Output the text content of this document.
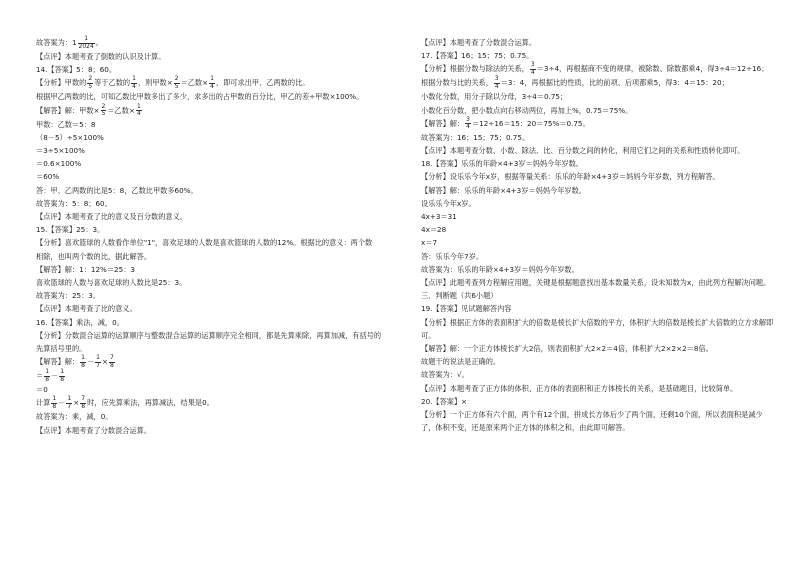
故答案为：$1 \frac{1}{2024}$ 。
【点评】本题考查了倒数的认识及计算。
14.【答案】5：8；60。
【分析】甲数的 $\frac{2}{5}$ 等于乙数的 $\frac{1}{4}$ ，则甲数× $\frac{2}{5}$ ＝乙数× $\frac{1}{4}$ ，即可求出甲、乙两数的比。
根据甲乙两数的比，可知乙数比甲数多出了多少，求多出的占甲数的百分比，甲乙的差÷甲数×100%。
【解答】解：甲数× $\frac{2}{5}$ ＝乙数× $\frac{1}{4}$
甲数：乙数＝5：8
（8－5）÷5×100%
＝3÷5×100%
＝0.6×100%
＝60%
答：甲、乙两数的比是5：8，乙数比甲数多60%。
故答案为：5：8；60。
【点评】本题考查了比的意义及百分数的意义。
15.【答案】25：3。
【分析】喜欢篮球的人数看作单位"1"，喜欢足球的人数是喜欢篮球的人数的12%。根据比的意义：两个数
相除，也叫两个数的比，据此解答。
【解答】解：1：12%＝25：3
喜欢篮球的人数与喜欢足球的人数比是25：3。
故答案为：25：3。
【点评】本题考查了比的意义。
16.【答案】乘法，减，0。
【分析】分数混合运算的运算顺序与整数混合运算的运算顺序完全相同，都是先算乘除，再算加减，有括号的
先算括号里的。
【解答】解： $\frac{1}{8} - \frac{1}{7} \times \frac{7}{8}$
＝ $\frac{1}{8} - \frac{1}{8}$
＝0
计算 $\frac{1}{8} - \frac{1}{7} \times \frac{7}{8}$ 时，应先算乘法，再算减法，结果是0。
故答案为：乘，减，0。
【点评】本题考查了分数混合运算。
【点评】本题考查了分数混合运算。
17.【答案】16；15；75；0.75。
【分析】根据分数与除法的关系， $\frac{3}{4} =3\div 4$，再根据商不变的规律，被除数、除数都乘4，得3÷4＝12÷16；
根据分数与比的关系， $\frac{3}{4} =3$：4，再根据比的性质，比的前项、后项都乘5，得3：4＝15：20；
小数化分数，用分子除以分母，3÷4＝0.75；
小数化百分数，把小数点向右移动两位，再加上%，0.75＝75%。
【解答】解： $\frac{3}{4} =12\div 16=15$：20＝75%＝0.75。
故答案为：16；15；75；0.75。
【点评】本题考查分数、小数、除法、比、百分数之间的转化，利用它们之间的关系和性质转化即可。
18.【答案】乐乐的年龄×4+3岁＝妈妈今年岁数。
【分析】设乐乐今年x岁，根据等量关系：乐乐的年龄×4+3岁＝妈妈今年岁数，列方程解答。
【解答】解：乐乐的年龄×4+3岁＝妈妈今年岁数。
设乐乐今年x岁。
4x+3＝31
4x＝28
x＝7
答：乐乐今年7岁。
故答案为：乐乐的年龄×4+3岁＝妈妈今年岁数。
【点评】此题考查列方程解应用题，关键是根据题意找出基本数量关系，设未知数为x，由此列方程解决问题。
三．判断题（共6小题）
19.【答案】见试题解答内容
【分析】根据正方体的表面积扩大的倍数是棱长扩大倍数的平方，体积扩大的倍数是棱长扩大倍数的立方求解即
可。
【解答】解：一个正方体棱长扩大2倍，则表面积扩大2×2＝4倍，体积扩大2×2×2＝8倍。
故题干的说法是正确的。
故答案为：√。
【点评】本题考查了正方体的体积、正方体的表面积和正方体棱长的关系，是基础题目，比较简单。
20.【答案】×
【分析】一个正方体有六个面，两个有12个面，拼成长方体后少了两个面，还剩10个面，所以表面积是减少
了，体积不变，还是原来两个正方体的体积之和，由此即可解答。
